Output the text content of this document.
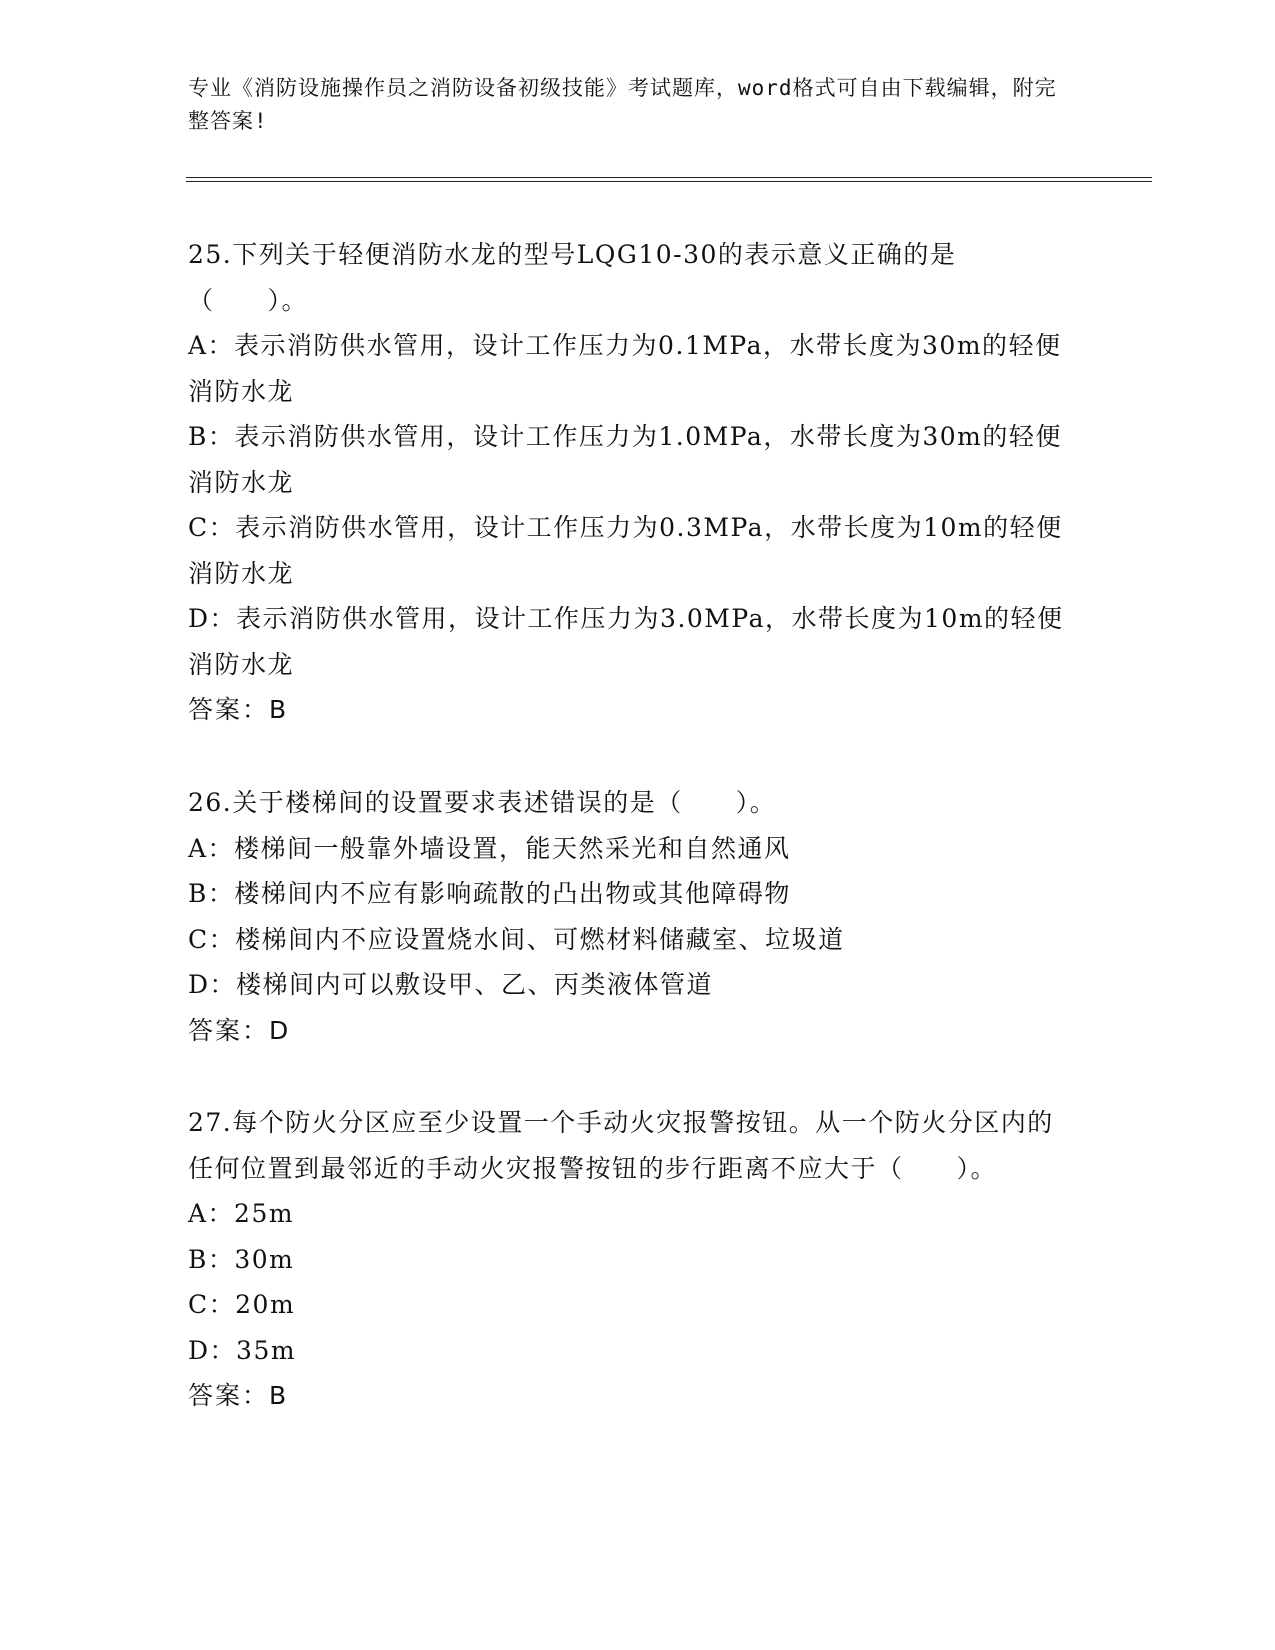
专业《消防设施操作员之消防设备初级技能》考试题库，word格式可自由下载编辑，附完整答案!

25.下列关于轻便消防水龙的型号LQG10-30的表示意义正确的是（　　）。

A：表示消防供水管用，设计工作压力为0.1MPa，水带长度为30m的轻便消防水龙

B：表示消防供水管用，设计工作压力为1.0MPa，水带长度为30m的轻便消防水龙

C：表示消防供水管用，设计工作压力为0.3MPa，水带长度为10m的轻便消防水龙

D：表示消防供水管用，设计工作压力为3.0MPa，水带长度为10m的轻便消防水龙

答案：B

26.关于楼梯间的设置要求表述错误的是（　　）。

A：楼梯间一般靠外墙设置，能天然采光和自然通风

B：楼梯间内不应有影响疏散的凸出物或其他障碍物

C：楼梯间内不应设置烧水间、可燃材料储藏室、垃圾道

D：楼梯间内可以敷设甲、乙、丙类液体管道

答案：D

27.每个防火分区应至少设置一个手动火灾报警按钮。从一个防火分区内的任何位置到最邻近的手动火灾报警按钮的步行距离不应大于（　　）。

A：25m

B：30m

C：20m

D：35m

答案：B
